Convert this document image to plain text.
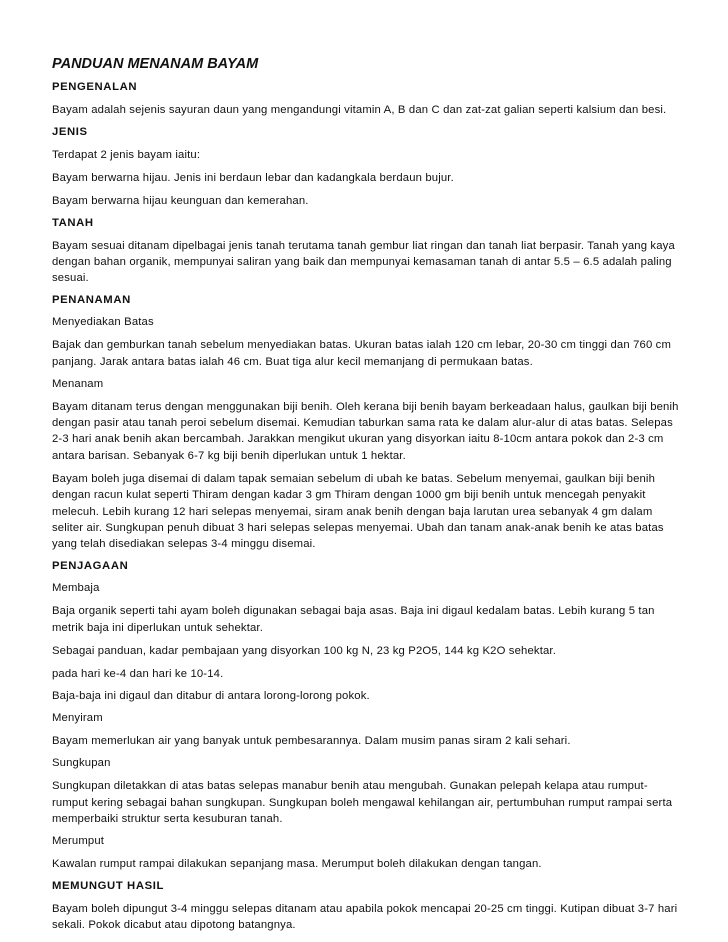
PANDUAN MENANAM BAYAM
PENGENALAN
Bayam adalah sejenis sayuran daun yang mengandungi vitamin A, B dan C dan zat-zat galian seperti kalsium dan besi.
JENIS
Terdapat 2 jenis bayam iaitu:
Bayam berwarna hijau. Jenis ini berdaun lebar dan kadangkala berdaun bujur.
Bayam berwarna hijau keunguan dan kemerahan.
TANAH
Bayam sesuai ditanam dipelbagai jenis tanah terutama tanah gembur liat ringan dan tanah liat berpasir. Tanah yang kaya dengan bahan organik, mempunyai saliran yang baik dan mempunyai kemasaman tanah di antar 5.5 – 6.5 adalah paling sesuai.
PENANAMAN
Menyediakan Batas
Bajak dan gemburkan tanah sebelum menyediakan batas. Ukuran batas ialah 120 cm lebar, 20-30 cm tinggi dan 760 cm panjang. Jarak antara batas ialah 46 cm. Buat tiga alur kecil memanjang di permukaan batas.
Menanam
Bayam ditanam terus dengan menggunakan biji benih. Oleh kerana biji benih bayam berkeadaan halus, gaulkan biji benih dengan pasir atau tanah peroi sebelum disemai. Kemudian taburkan sama rata ke dalam alur-alur di atas batas. Selepas 2-3 hari anak benih akan bercambah. Jarakkan mengikut ukuran yang disyorkan iaitu 8-10cm antara pokok dan 2-3 cm antara barisan. Sebanyak 6-7 kg biji benih diperlukan untuk 1 hektar.
Bayam boleh juga disemai di dalam tapak semaian sebelum di ubah ke batas. Sebelum menyemai, gaulkan biji benih dengan racun kulat seperti Thiram dengan kadar 3 gm Thiram dengan 1000 gm biji benih untuk mencegah penyakit melecuh. Lebih kurang 12 hari selepas menyemai, siram anak benih dengan baja larutan urea sebanyak 4 gm dalam seliter air. Sungkupan penuh dibuat 3 hari selepas selepas menyemai. Ubah dan tanam anak-anak benih ke atas batas yang telah disediakan selepas 3-4 minggu disemai.
PENJAGAAN
Membaja
Baja organik seperti tahi ayam boleh digunakan sebagai baja asas. Baja ini digaul kedalam batas. Lebih kurang 5 tan metrik baja ini diperlukan untuk sehektar.
Sebagai panduan, kadar pembajaan yang disyorkan 100 kg N, 23 kg P2O5, 144 kg K2O sehektar.
pada hari ke-4 dan hari ke 10-14.
Baja-baja ini digaul dan ditabur di antara lorong-lorong pokok.
Menyiram
Bayam memerlukan air yang banyak untuk pembesarannya. Dalam musim panas siram 2 kali sehari.
Sungkupan
Sungkupan diletakkan di atas batas selepas manabur benih atau mengubah. Gunakan pelepah kelapa atau rumput-rumput kering sebagai bahan sungkupan. Sungkupan boleh mengawal kehilangan air, pertumbuhan rumput rampai serta memperbaiki struktur serta kesuburan tanah.
Merumput
Kawalan rumput rampai dilakukan sepanjang masa. Merumput boleh dilakukan dengan tangan.
MEMUNGUT HASIL
Bayam boleh dipungut 3-4 minggu selepas ditanam atau apabila pokok mencapai 20-25 cm tinggi. Kutipan dibuat 3-7 hari sekali. Pokok dicabut atau dipotong batangnya.
